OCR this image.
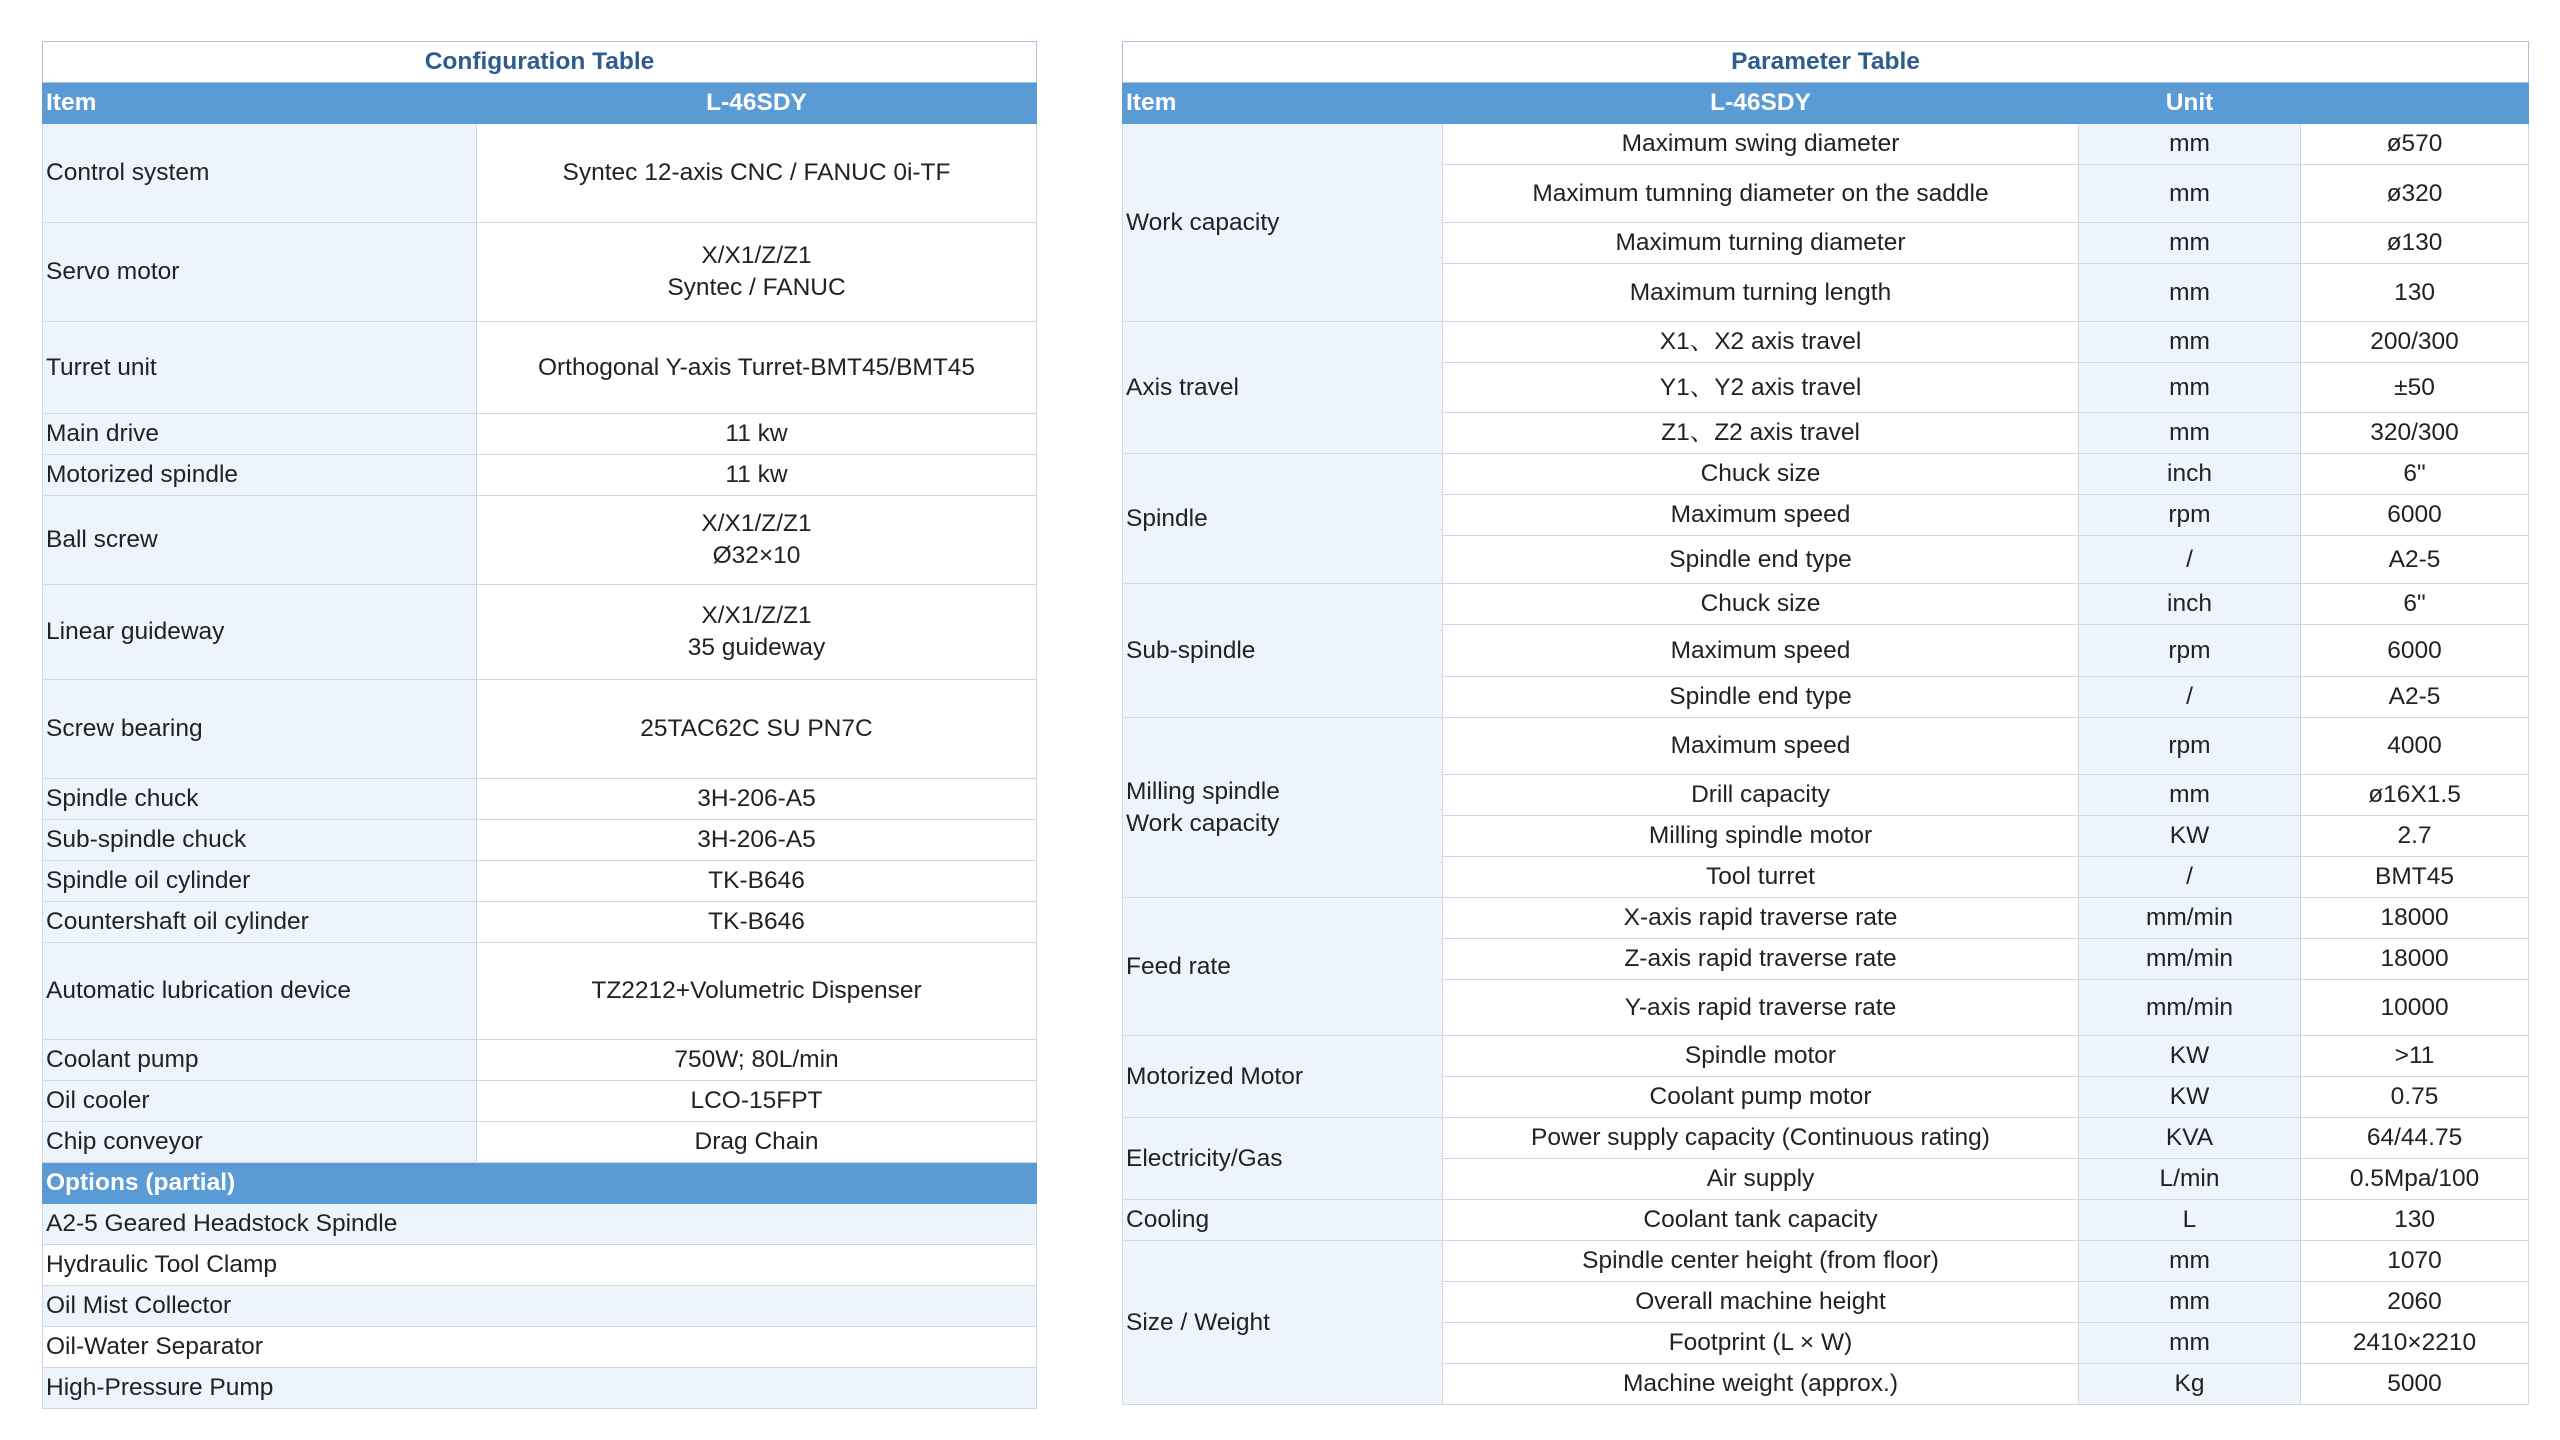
Configuration Table	
Item	L-46SDY
Control system	Syntec 12-axis CNC / FANUC 0i-TF

Servo motor	X/X1/Z/Z1
Syntec / FANUC

Turret unit	Orthogonal Y-axis Turret-BMT45/BMT45

Main drive	11 kw

Motorized spindle	11 kw

Ball screw	X/X1/Z/Z1
Ø32×10

Linear guideway	X/X1/Z/Z1
35 guideway

Screw bearing	25TAC62C SU PN7C

Spindle chuck	3H-206-A5

Sub-spindle chuck	3H-206-A5

Spindle oil cylinder	TK-B646

Countershaft oil cylinder	TK-B646

Automatic lubrication device	TZ2212+Volumetric Dispenser

Coolant pump	750W; 80L/min

Oil cooler	LCO-15FPT

Chip conveyor	Drag Chain

Options (partial)	
A2-5 Geared Headstock Spindle	
Hydraulic Tool Clamp	
Oil Mist Collector	
Oil-Water Separator	
High-Pressure Pump	
Parameter Table			
Item	L-46SDY	Unit	

Work capacity	Maximum swing diameter	mm	ø570
	Maximum tumning diameter on the saddle	mm	ø320
	Maximum turning diameter	mm	ø130
	Maximum turning length	mm	130

Axis travel	X1、X2 axis travel	mm	200/300
	Y1、Y2 axis travel	mm	±50
	Z1、Z2 axis travel	mm	320/300

Spindle	Chuck size	inch	6"
	Maximum speed	rpm	6000
	Spindle end type	/	A2-5

Sub-spindle	Chuck size	inch	6"
	Maximum speed	rpm	6000
	Spindle end type	/	A2-5

Milling spindle
Work capacity	Maximum speed	rpm	4000
	Drill capacity	mm	ø16X1.5
	Milling spindle motor	KW	2.7
	Tool turret	/	BMT45

Feed rate	X-axis rapid traverse rate	mm/min	18000
	Z-axis rapid traverse rate	mm/min	18000
	Y-axis rapid traverse rate	mm/min	10000

Motorized Motor	Spindle motor	KW	>11
	Coolant pump motor	KW	0.75

Electricity/Gas	Power supply capacity (Continuous rating)	KVA	64/44.75
	Air supply	L/min	0.5Mpa/100

Cooling	Coolant tank capacity	L	130

Size / Weight	Spindle center height (from floor)	mm	1070
	Overall machine height	mm	2060
	Footprint (L × W)	mm	2410×2210
	Machine weight (approx.)	Kg	5000
